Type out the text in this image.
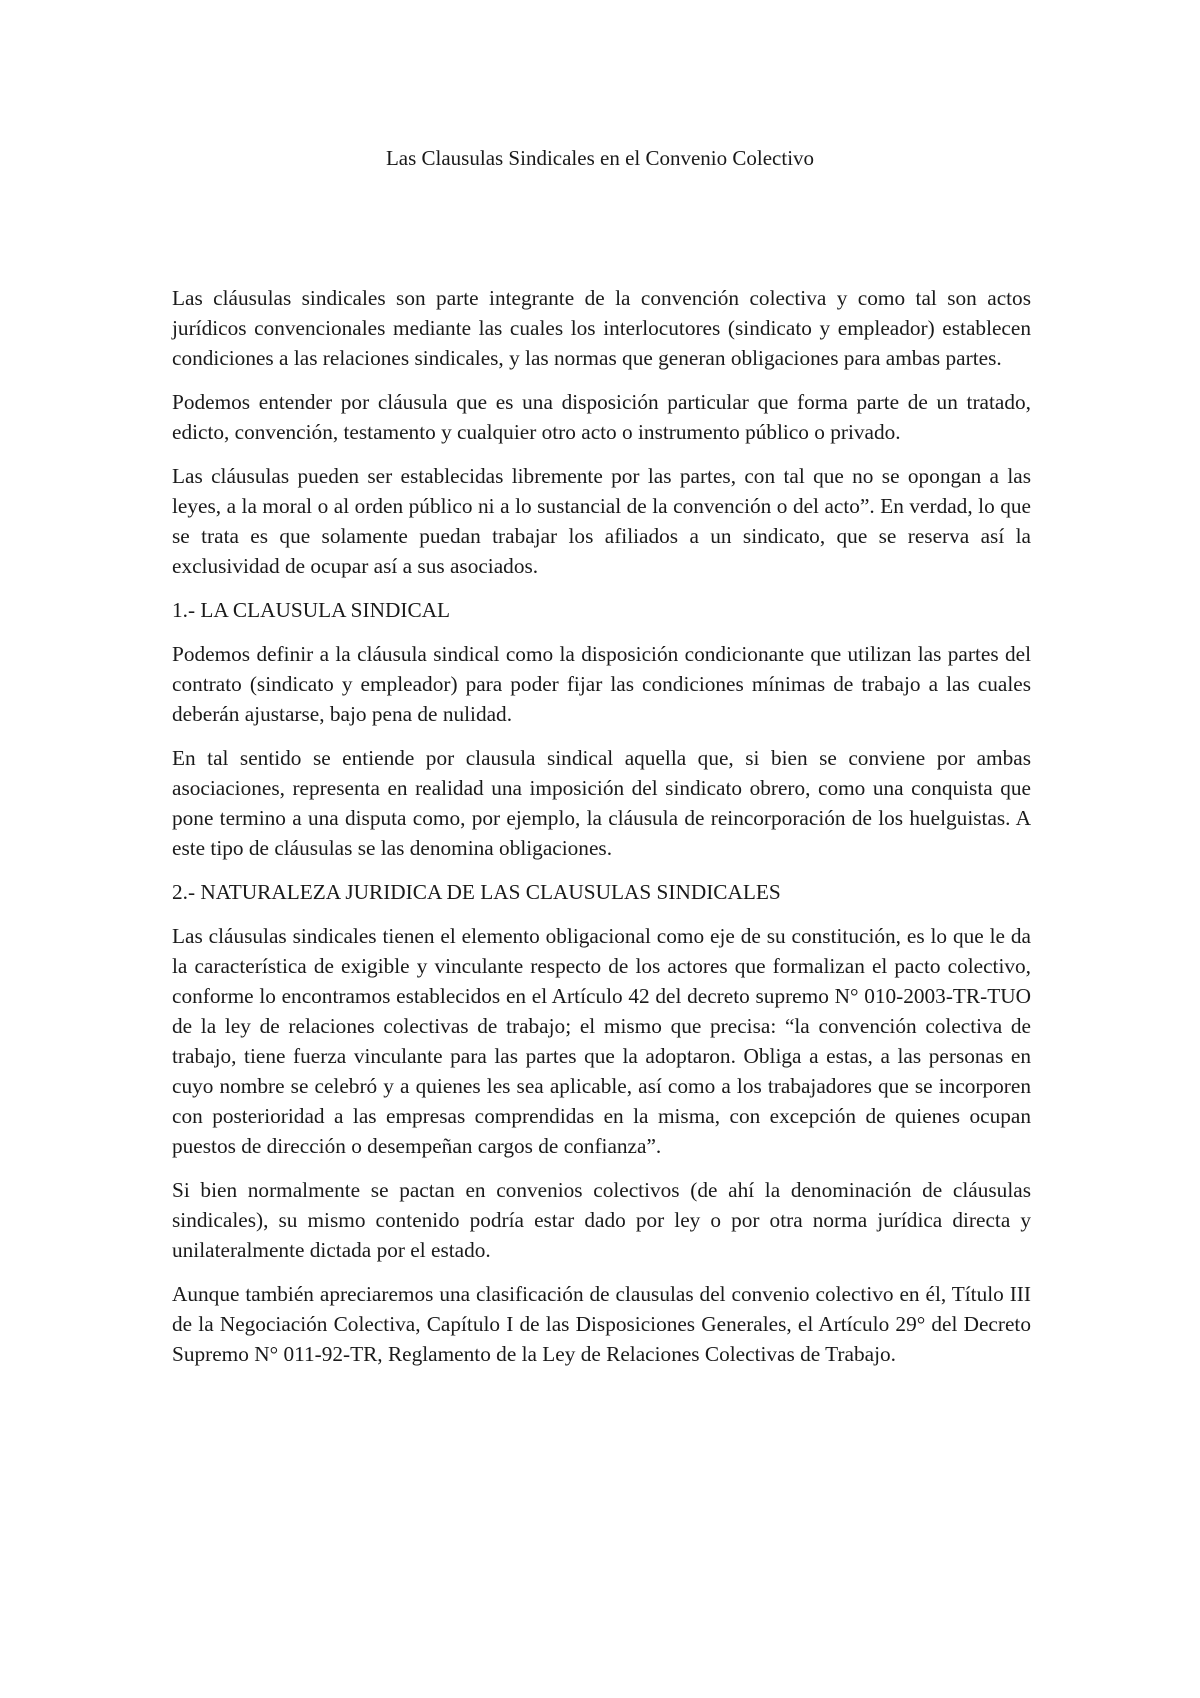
Las Clausulas Sindicales en el Convenio Colectivo

Las cláusulas sindicales son parte integrante de la convención colectiva y como tal son actos jurídicos convencionales mediante las cuales los interlocutores (sindicato y empleador) establecen condiciones a las relaciones sindicales, y las normas que generan obligaciones para ambas partes.

Podemos entender por cláusula que es una disposición particular que forma parte de un tratado, edicto, convención, testamento y cualquier otro acto o instrumento público o privado.

Las cláusulas pueden ser establecidas libremente por las partes, con tal que no se opongan a las leyes, a la moral o al orden público ni a lo sustancial de la convención o del acto”. En verdad, lo que se trata es que solamente puedan trabajar los afiliados a un sindicato, que se reserva así la exclusividad de ocupar así a sus asociados.

1.- LA CLAUSULA SINDICAL

Podemos definir a la cláusula sindical como la disposición condicionante que utilizan las partes del contrato (sindicato y empleador) para poder fijar las condiciones mínimas de trabajo a las cuales deberán ajustarse, bajo pena de nulidad.

En tal sentido se entiende por clausula sindical aquella que, si bien se conviene por ambas asociaciones, representa en realidad una imposición del sindicato obrero, como una conquista que pone termino a una disputa como, por ejemplo, la cláusula de reincorporación de los huelguistas. A este tipo de cláusulas se las denomina obligaciones.

2.- NATURALEZA JURIDICA DE LAS CLAUSULAS SINDICALES

Las cláusulas sindicales tienen el elemento obligacional como eje de su constitución, es lo que le da la característica de exigible y vinculante respecto de los actores que formalizan el pacto colectivo, conforme lo encontramos establecidos en el Artículo 42 del decreto supremo N° 010-2003-TR-TUO de la ley de relaciones colectivas de trabajo; el mismo que precisa: “la convención colectiva de trabajo, tiene fuerza vinculante para las partes que la adoptaron. Obliga a estas, a las personas en cuyo nombre se celebró y a quienes les sea aplicable, así como a los trabajadores que se incorporen con posterioridad a las empresas comprendidas en la misma, con excepción de quienes ocupan puestos de dirección o desempeñan cargos de confianza”.

Si bien normalmente se pactan en convenios colectivos (de ahí la denominación de cláusulas sindicales), su mismo contenido podría estar dado por ley o por otra norma jurídica directa y unilateralmente dictada por el estado.

Aunque también apreciaremos una clasificación de clausulas del convenio colectivo en él, Título III de la Negociación Colectiva, Capítulo I de las Disposiciones Generales, el Artículo 29° del Decreto Supremo N° 011-92-TR, Reglamento de la Ley de Relaciones Colectivas de Trabajo.
